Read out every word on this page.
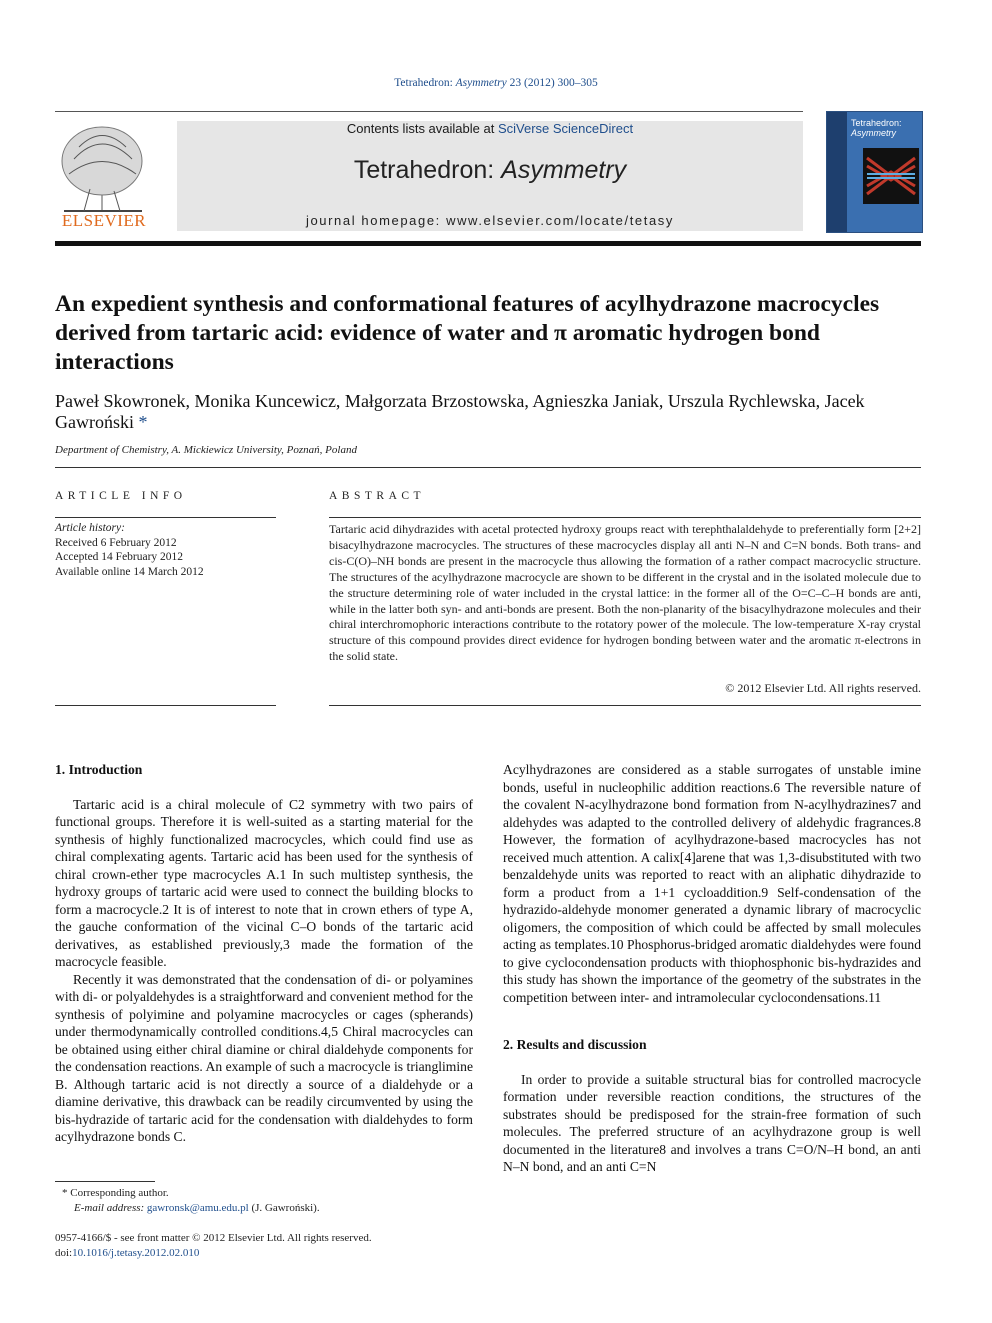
Tetrahedron: Asymmetry 23 (2012) 300–305
ELSEVIER
Contents lists available at SciVerse ScienceDirect
Tetrahedron: Asymmetry
journal homepage: www.elsevier.com/locate/tetasy
Tetrahedron:
Asymmetry
An expedient synthesis and conformational features of acylhydrazone macrocycles derived from tartaric acid: evidence of water and π aromatic hydrogen bond interactions
Paweł Skowronek, Monika Kuncewicz, Małgorzata Brzostowska, Agnieszka Janiak, Urszula Rychlewska, Jacek Gawroński *
Department of Chemistry, A. Mickiewicz University, Poznań, Poland
ARTICLE INFO
Article history:
Received 6 February 2012
Accepted 14 February 2012
Available online 14 March 2012
ABSTRACT
Tartaric acid dihydrazides with acetal protected hydroxy groups react with terephthalaldehyde to preferentially form [2+2] bisacylhydrazone macrocycles. The structures of these macrocycles display all anti N–N and C=N bonds. Both trans- and cis-C(O)–NH bonds are present in the macrocycle thus allowing the formation of a rather compact macrocyclic structure. The structures of the acylhydrazone macrocycle are shown to be different in the crystal and in the isolated molecule due to the structure determining role of water included in the crystal lattice: in the former all of the O=C–C–H bonds are anti, while in the latter both syn- and anti-bonds are present. Both the non-planarity of the bisacylhydrazone molecules and their chiral interchromophoric interactions contribute to the rotatory power of the molecule. The low-temperature X-ray crystal structure of this compound provides direct evidence for hydrogen bonding between water and the aromatic π-electrons in the solid state.
© 2012 Elsevier Ltd. All rights reserved.
1. Introduction

Tartaric acid is a chiral molecule of C2 symmetry with two pairs of functional groups. Therefore it is well-suited as a starting material for the synthesis of highly functionalized macrocycles, which could find use as chiral complexating agents. Tartaric acid has been used for the synthesis of chiral crown-ether type macrocycles A.1 In such multistep synthesis, the hydroxy groups of tartaric acid were used to connect the building blocks to form a macrocycle.2 It is of interest to note that in crown ethers of type A, the gauche conformation of the vicinal C–O bonds of the tartaric acid derivatives, as established previously,3 made the formation of the macrocycle feasible.

Recently it was demonstrated that the condensation of di- or polyamines with di- or polyaldehydes is a straightforward and convenient method for the synthesis of polyimine and polyamine macrocycles or cages (spherands) under thermodynamically controlled conditions.4,5 Chiral macrocycles can be obtained using either chiral diamine or chiral dialdehyde components for the condensation reactions. An example of such a macrocycle is trianglimine B. Although tartaric acid is not directly a source of a dialdehyde or a diamine derivative, this drawback can be readily circumvented by using the bis-hydrazide of tartaric acid for the condensation with dialdehydes to form acylhydrazone bonds C.

Acylhydrazones are considered as a stable surrogates of unstable imine bonds, useful in nucleophilic addition reactions.6 The reversible nature of the covalent N-acylhydrazone bond formation from N-acylhydrazines7 and aldehydes was adapted to the controlled delivery of aldehydic fragrances.8 However, the formation of acylhydrazone-based macrocycles has not received much attention. A calix[4]arene that was 1,3-disubstituted with two benzaldehyde units was reported to react with an aliphatic dihydrazide to form a product from a 1+1 cycloaddition.9 Self-condensation of the hydrazido-aldehyde monomer generated a dynamic library of macrocyclic oligomers, the composition of which could be affected by small molecules acting as templates.10 Phosphorus-bridged aromatic dialdehydes were found to give cyclocondensation products with thiophosphonic bis-hydrazides and this study has shown the importance of the geometry of the substrates in the competition between inter- and intramolecular cyclocondensations.11

2. Results and discussion

In order to provide a suitable structural bias for controlled macrocycle formation under reversible reaction conditions, the structures of the substrates should be predisposed for the strain-free formation of such molecules. The preferred structure of an acylhydrazone group is well documented in the literature8 and involves a trans C=O/N–H bond, an anti N–N bond, and an anti C=N

* Corresponding author.
E-mail address: gawronsk@amu.edu.pl (J. Gawroński).
0957-4166/$ - see front matter © 2012 Elsevier Ltd. All rights reserved.
doi:10.1016/j.tetasy.2012.02.010
